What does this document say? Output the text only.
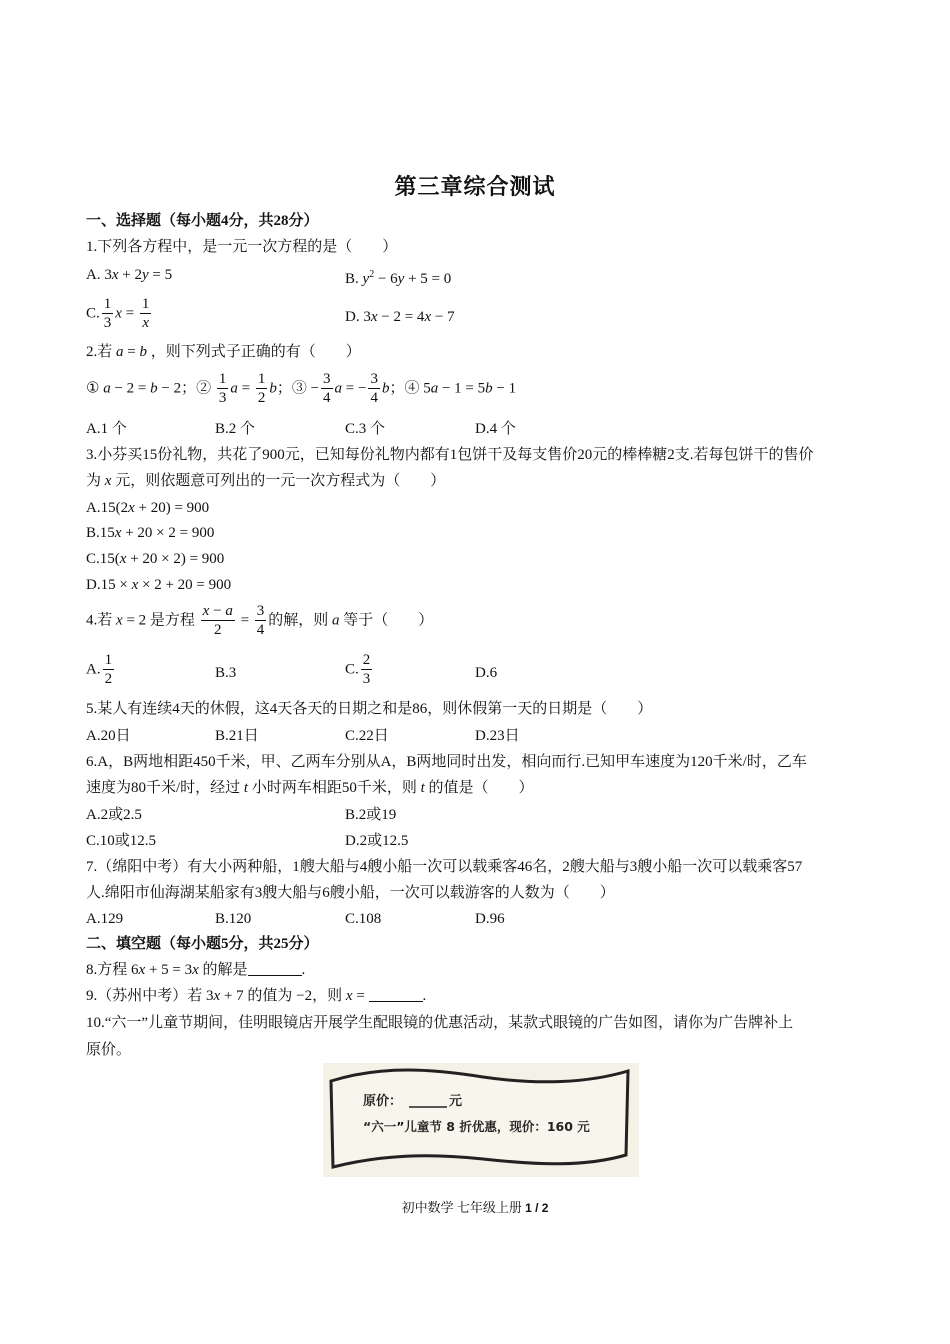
第三章综合测试
一、选择题（每小题4分，共28分）
1.下列各方程中，是一元一次方程的是（　　）
A. 3x + 2y = 5	B. $y^2 - 6y + 5 = 0$
C. $\frac{1}{3}$ $x = \frac{1}{x}$	D. 3x − 2 = 4x − 7
2.若 a = b ，则下列式子正确的有（　　）
① a − 2 = b − 2；② $\frac{1}{3}$ $a = \frac{1}{2}$ b；③ − $\frac{3}{4}$ a = − $\frac{3}{4}$ b；④ 5a − 1 = 5b − 1
A.1 个	B.2 个	C.3 个	D.4 个
3.小芬买15份礼物，共花了900元，已知每份礼物内都有1包饼干及每支售价20元的棒棒糖2支.若每包饼干的售价
为 x 元，则依题意可列出的一元一次方程式为（　　）
A.15(2x + 20) = 900
B.15x + 20 × 2 = 900
C.15(x + 20 × 2) = 900
D.15 × x × 2 + 20 = 900
4.若 x = 2 是方程 $\frac{x - a}{2} = \frac{3}{4}$ 的解，则 a 等于（　　）
A. $\frac{1}{2}$	B.3	C. $\frac{2}{3}$	D.6
5.某人有连续4天的休假，这4天各天的日期之和是86，则休假第一天的日期是（　　）
A.20日	B.21日	C.22日	D.23日
6.A，B两地相距450千米，甲、乙两车分别从A，B两地同时出发，相向而行.已知甲车速度为120千米/时，乙车
速度为80千米/时，经过 t 小时两车相距50千米，则 t 的值是（　　）
A.2或2.5	B.2或19
C.10或12.5	D.2或12.5
7.（绵阳中考）有大小两种船，1艘大船与4艘小船一次可以载乘客46名，2艘大船与3艘小船一次可以载乘客57
人.绵阳市仙海湖某船家有3艘大船与6艘小船，一次可以载游客的人数为（　　）
A.129	B.120	C.108	D.96
二、填空题（每小题5分，共25分）
8.方程 6x + 5 = 3x 的解是	.
9.（苏州中考）若 3x + 7 的值为 −2，则 x =	.
10.“六一”儿童节期间，佳明眼镜店开展学生配眼镜的优惠活动，某款式眼镜的广告如图，请你为广告牌补上
原价。
原价：	元
“六一”儿童节 8 折优惠，现价：160 元
初中数学 七年级上册 1 / 2
